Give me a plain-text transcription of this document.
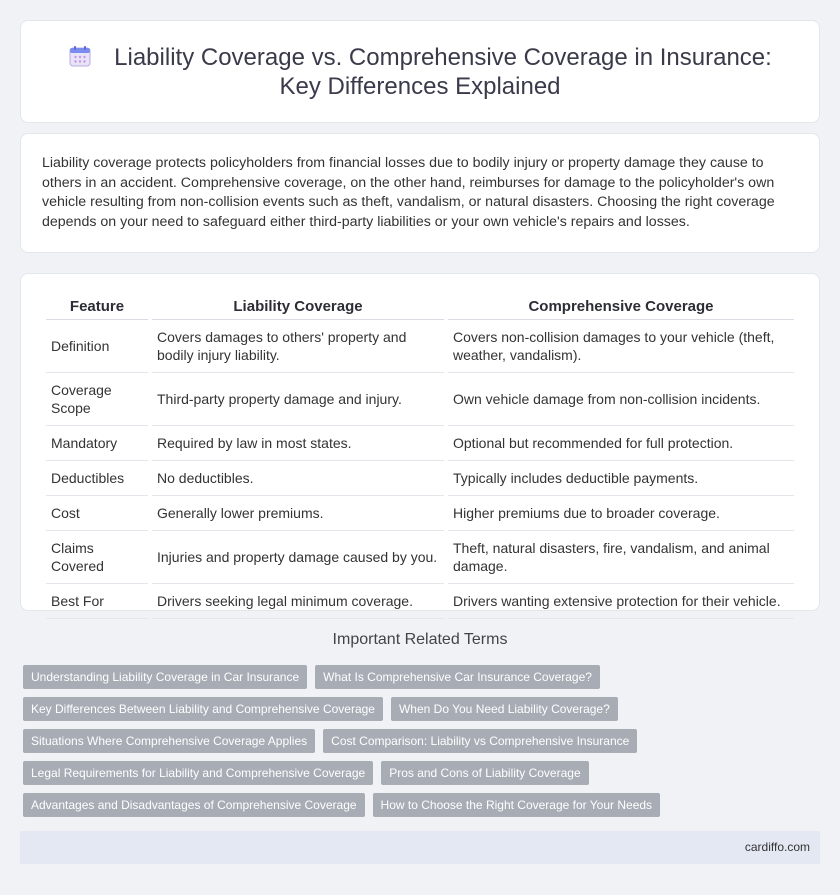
Liability Coverage vs. Comprehensive Coverage in Insurance: Key Differences Explained

Liability coverage protects policyholders from financial losses due to bodily injury or property damage they cause to others in an accident. Comprehensive coverage, on the other hand, reimburses for damage to the policyholder's own vehicle resulting from non-collision events such as theft, vandalism, or natural disasters. Choosing the right coverage depends on your need to safeguard either third-party liabilities or your own vehicle's repairs and losses.

Feature	Liability Coverage	Comprehensive Coverage
Definition	Covers damages to others' property and bodily injury liability.	Covers non-collision damages to your vehicle (theft, weather, vandalism).
Coverage Scope	Third-party property damage and injury.	Own vehicle damage from non-collision incidents.
Mandatory	Required by law in most states.	Optional but recommended for full protection.
Deductibles	No deductibles.	Typically includes deductible payments.
Cost	Generally lower premiums.	Higher premiums due to broader coverage.
Claims Covered	Injuries and property damage caused by you.	Theft, natural disasters, fire, vandalism, and animal damage.
Best For	Drivers seeking legal minimum coverage.	Drivers wanting extensive protection for their vehicle.
Important Related Terms
Understanding Liability Coverage in Car Insurance	What Is Comprehensive Car Insurance Coverage?
Key Differences Between Liability and Comprehensive Coverage	When Do You Need Liability Coverage?
Situations Where Comprehensive Coverage Applies	Cost Comparison: Liability vs Comprehensive Insurance
Legal Requirements for Liability and Comprehensive Coverage	Pros and Cons of Liability Coverage
Advantages and Disadvantages of Comprehensive Coverage	How to Choose the Right Coverage for Your Needs
cardiffo.com
